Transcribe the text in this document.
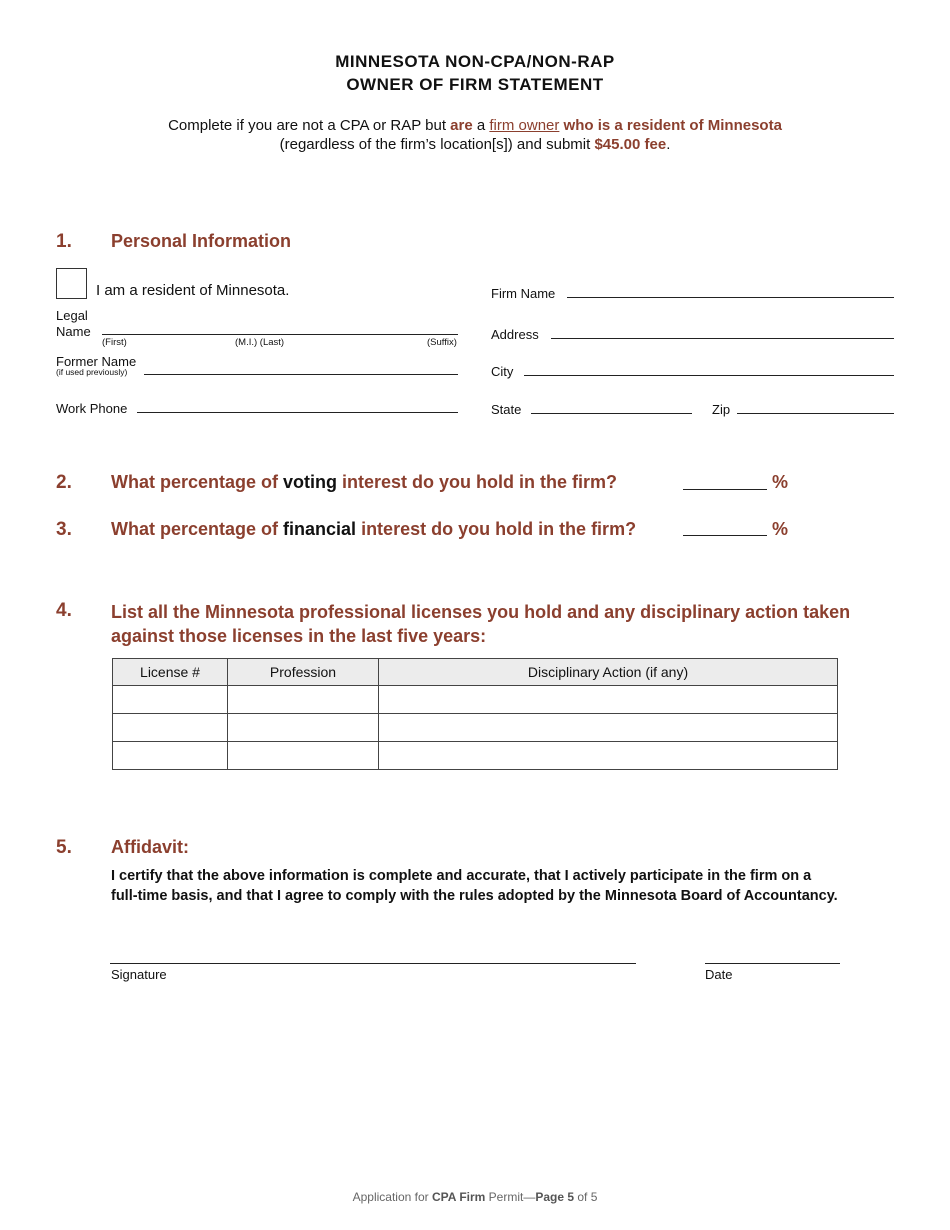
MINNESOTA NON-CPA/NON-RAP
OWNER OF FIRM STATEMENT
Complete if you are not a CPA or RAP but are a firm owner who is a resident of Minnesota
(regardless of the firm’s location[s]) and submit $45.00 fee.
1. Personal Information
I am a resident of Minnesota.
Legal
Name
(First)	(M.I.) (Last)	(Suffix)
Former Name
(if used previously)
Work Phone
Firm Name
Address
City
State	Zip
2. What percentage of voting interest do you hold in the firm?	%
3. What percentage of financial interest do you hold in the firm?	%
4. List all the Minnesota professional licenses you hold and any disciplinary action taken
against those licenses in the last five years:
License #	Profession	Disciplinary Action (if any)

5. Affidavit:
I certify that the above information is complete and accurate, that I actively participate in the firm on a
full-time basis, and that I agree to comply with the rules adopted by the Minnesota Board of Accountancy.
Signature	Date
Application for CPA Firm Permit—Page 5 of 5
